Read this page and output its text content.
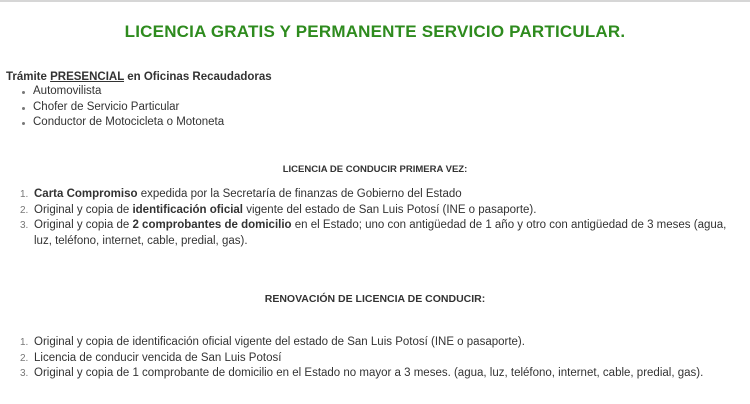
LICENCIA GRATIS Y PERMANENTE SERVICIO PARTICULAR.
Trámite PRESENCIAL en Oficinas Recaudadoras
Automovilista
Chofer de Servicio Particular
Conductor de Motocicleta o Motoneta
LICENCIA DE CONDUCIR PRIMERA VEZ:
1. Carta Compromiso expedida por la Secretaría de finanzas de Gobierno del Estado
2. Original y copia de identificación oficial vigente del estado de San Luis Potosí (INE o pasaporte).
3. Original y copia de 2 comprobantes de domicilio en el Estado; uno con antigüedad de 1 año y otro con antigüedad de 3 meses (agua, luz, teléfono, internet, cable, predial, gas).
RENOVACIÓN DE LICENCIA DE CONDUCIR:
1. Original y copia de identificación oficial vigente del estado de San Luis Potosí (INE o pasaporte).
2. Licencia de conducir vencida de San Luis Potosí
3. Original y copia de 1 comprobante de domicilio en el Estado no mayor a 3 meses. (agua, luz, teléfono, internet, cable, predial, gas).
